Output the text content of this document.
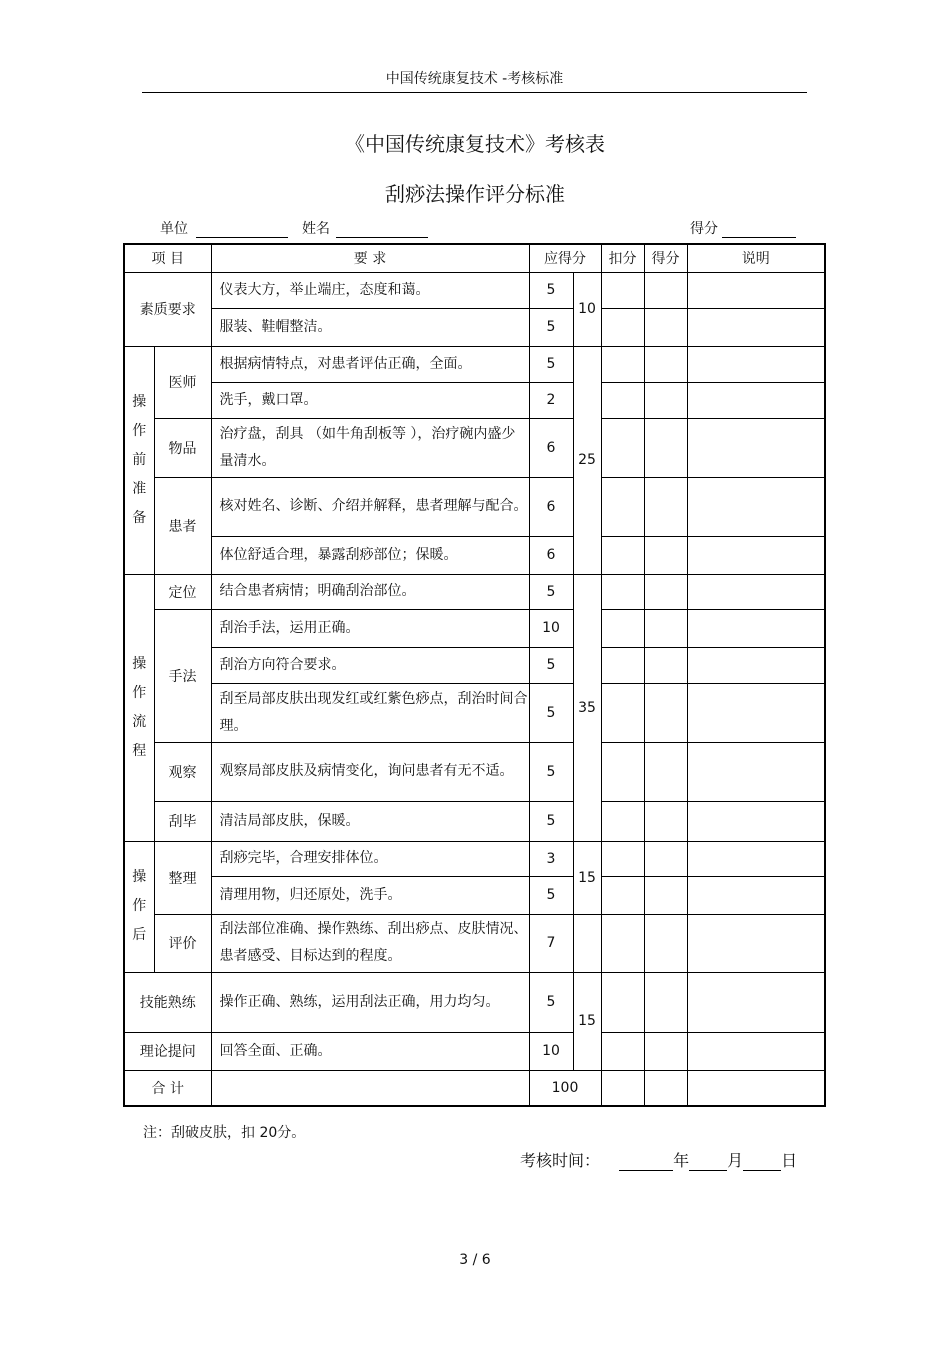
中国传统康复技术 -考核标准
《中国传统康复技术》考核表
刮痧法操作评分标准
单位	姓名	得分
项 目		要 求	应得分		扣分	得分	说明
素质要求		仪表大方，举止端庄，态度和蔼。	5	10			
		服装、鞋帽整洁。	5				
操作前准备	医师	根据病情特点，对患者评估正确，全面。	5	25			
		洗手，戴口罩。	2				
	物品	治疗盘，刮具 （如牛角刮板等 ），治疗碗内盛少量清水。	6				
	患者	核对姓名、诊断、介绍并解释，患者理解与配合。	6				
		体位舒适合理，暴露刮痧部位；保暖。	6				
操作流程	定位	结合患者病情；明确刮治部位。	5	35			
	手法	刮治手法，运用正确。	10				
		刮治方向符合要求。	5				
		刮至局部皮肤出现发红或红紫色痧点，刮治时间合理。	5				
	观察	观察局部皮肤及病情变化，询问患者有无不适。	5				
	刮毕	清洁局部皮肤，保暖。	5				
操作后	整理	刮痧完毕，合理安排体位。	3	15			
		清理用物，归还原处，洗手。	5				
	评价	刮法部位准确、操作熟练、刮出痧点、皮肤情况、患者感受、目标达到的程度。	7				
技能熟练		操作正确、熟练，运用刮法正确，用力均匀。	5	15			
理论提问		回答全面、正确。	10				
合 计			100				
注：刮破皮肤，扣 20分。
考核时间：	年 月 日
3 / 6
